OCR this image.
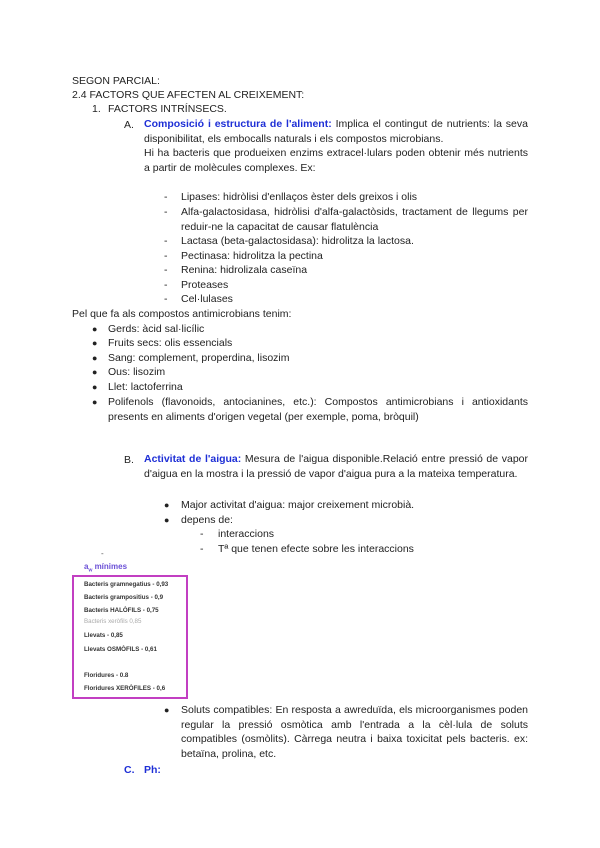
SEGON PARCIAL:
2.4 FACTORS QUE AFECTEN AL CREIXEMENT:
1. FACTORS INTRÍNSECS.
A. Composició i estructura de l'aliment: Implica el contingut de nutrients: la seva disponibilitat, els embocalls naturals i els compostos microbians.
Hi ha bacteris que produeixen enzims extracel·lulars poden obtenir més nutrients a partir de molècules complexes. Ex:
- Lipases: hidròlisi d'enllaços èster dels greixos i olis
- Alfa-galactosidasa, hidròlisi d'alfa-galactòsids, tractament de llegums per reduir-ne la capacitat de causar flatulència
- Lactasa (beta-galactosidasa): hidrolitza la lactosa.
- Pectinasa: hidrolitza la pectina
- Renina: hidrolizala caseïna
- Proteases
- Cel·lulases
Pel que fa als compostos antimicrobians tenim:
● Gerds: àcid sal·licílic
● Fruits secs: olis essencials
● Sang: complement, properdina, lisozim
● Ous: lisozim
● Llet: lactoferrina
● Polifenols (flavonoids, antocianines, etc.): Compostos antimicrobians i antioxidants presents en aliments d'origen vegetal (per exemple, poma, bròquil)
B. Activitat de l'aigua: Mesura de l'aigua disponible.Relació entre pressió de vapor d'aigua en la mostra i la pressió de vapor d'aigua pura a la mateixa temperatura.
● Major activitat d'aigua: major creixement microbià.
● depens de:
- interaccions
- Tª que tenen efecte sobre les interaccions
-
$a_w$ mínimes
Bacteris gramnegatius - 0,93
Bacteris grampositius - 0,9
Bacteris HALÒFILS - 0,75
Bacteris xeròfils 0,85
Llevats - 0,85
Llevats OSMÒFILS - 0,61
Floridures - 0.8
Floridures XERÒFILES - 0,6
● Soluts compatibles: En resposta a awreduïda, els microorganismes poden regular la pressió osmòtica amb l'entrada a la cèl·lula de soluts compatibles (osmòlits). Càrrega neutra i baixa toxicitat pels bacteris. ex: betaïna, prolina, etc.
C. Ph:
